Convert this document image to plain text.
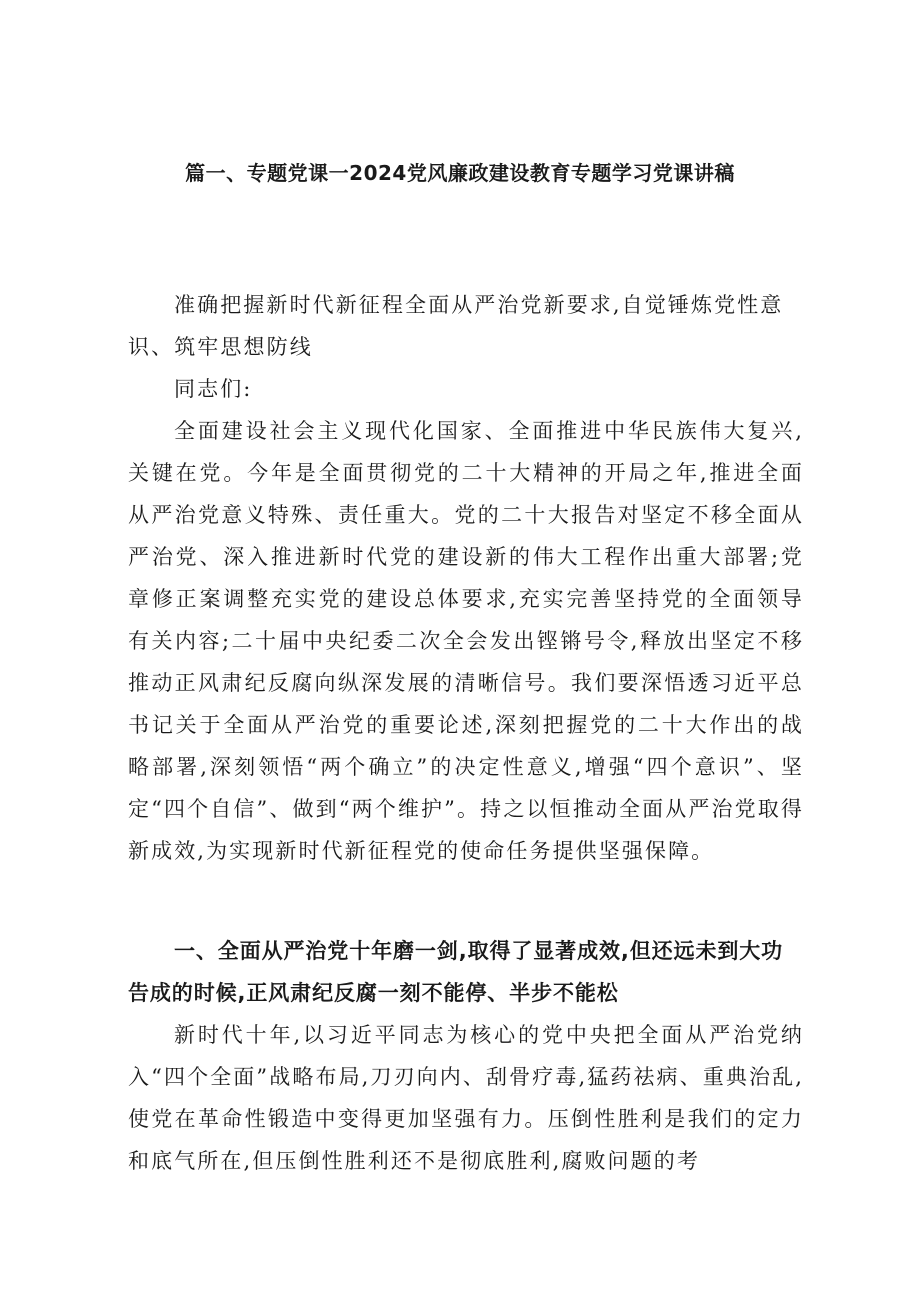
篇一、专题党课一2024党风廉政建设教育专题学习党课讲稿

准确把握新时代新征程全面从严治党新要求,自觉锤炼党性意识、筑牢思想防线

同志们:

全面建设社会主义现代化国家、全面推进中华民族伟大复兴,关键在党。今年是全面贯彻党的二十大精神的开局之年,推进全面从严治党意义特殊、责任重大。党的二十大报告对坚定不移全面从严治党、深入推进新时代党的建设新的伟大工程作出重大部署;党章修正案调整充实党的建设总体要求,充实完善坚持党的全面领导有关内容;二十届中央纪委二次全会发出铿锵号令,释放出坚定不移推动正风肃纪反腐向纵深发展的清晰信号。我们要深悟透习近平总书记关于全面从严治党的重要论述,深刻把握党的二十大作出的战略部署,深刻领悟“两个确立”的决定性意义,增强“四个意识”、坚定“四个自信”、做到“两个维护”。持之以恒推动全面从严治党取得新成效,为实现新时代新征程党的使命任务提供坚强保障。

一、全面从严治党十年磨一剑,取得了显著成效,但还远未到大功告成的时候,正风肃纪反腐一刻不能停、半步不能松

新时代十年,以习近平同志为核心的党中央把全面从严治党纳入“四个全面”战略布局,刀刃向内、刮骨疗毒,猛药祛病、重典治乱,使党在革命性锻造中变得更加坚强有力。压倒性胜利是我们的定力和底气所在,但压倒性胜利还不是彻底胜利,腐败问题的考
